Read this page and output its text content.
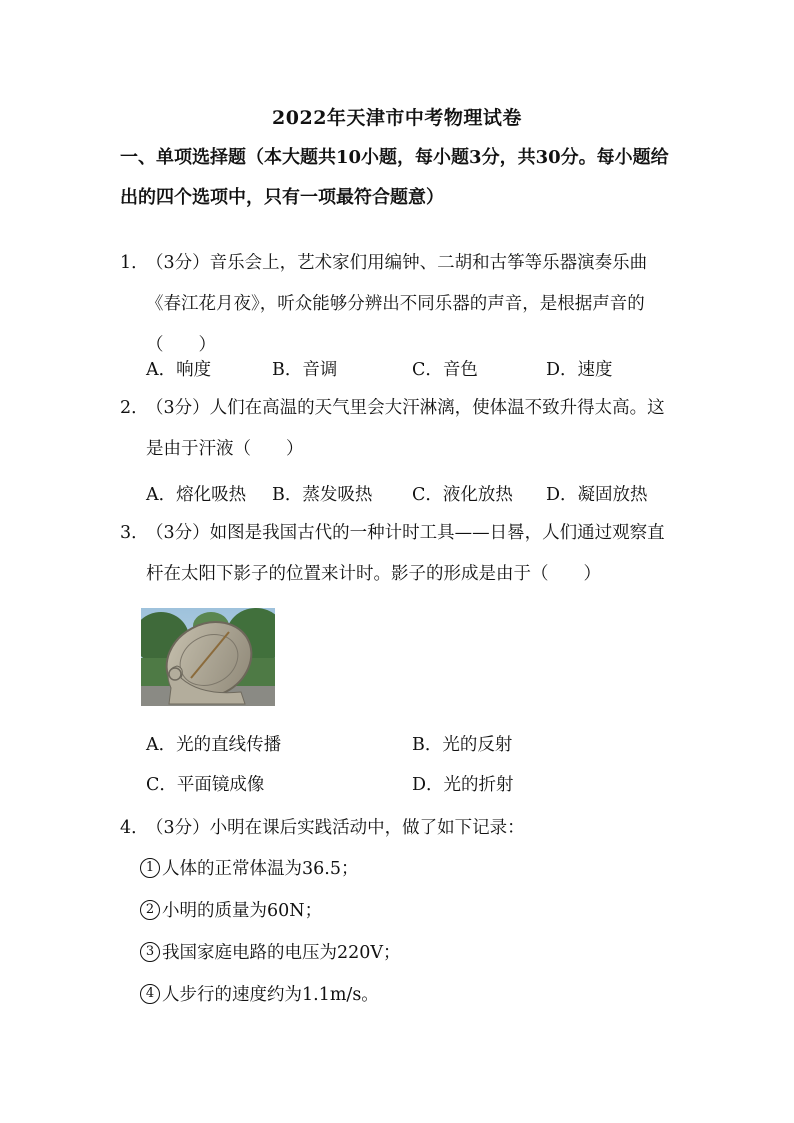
2022年天津市中考物理试卷
一、单项选择题（本大题共10小题，每小题3分，共30分。每小题给出的四个选项中，只有一项最符合题意）
1．
（3分）音乐会上，艺术家们用编钟、二胡和古筝等乐器演奏乐曲《春江花月夜》，听众能够分辨出不同乐器的声音，是根据声音的（　　）
A．响度	B．音调	C．音色	D．速度
2．
（3分）人们在高温的天气里会大汗淋漓，使体温不致升得太高。这是由于汗液（　　）
A．熔化吸热 B．蒸发吸热 C．液化放热 D．凝固放热
3．
（3分）如图是我国古代的一种计时工具——日晷，人们通过观察直杆在太阳下影子的位置来计时。影子的形成是由于（　　）
A．光的直线传播	B．光的反射
C．平面镜成像	D．光的折射
4．
（3分）小明在课后实践活动中，做了如下记录：
1 人体的正常体温为36.5；
2 小明的质量为60N；
3 我国家庭电路的电压为220V；
4 人步行的速度约为1.1m/s。
